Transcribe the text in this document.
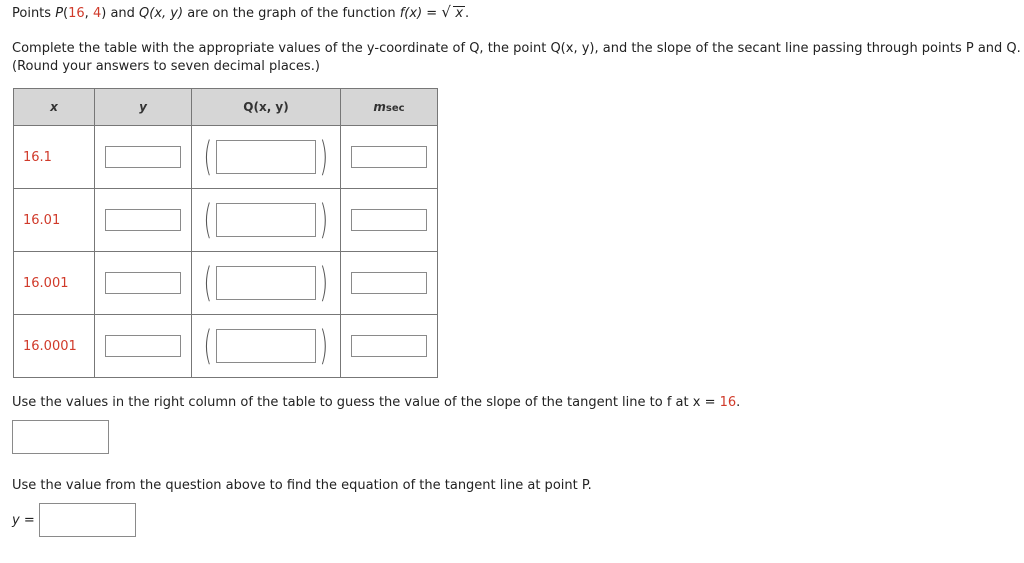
Points P(16, 4) and Q(x, y) are on the graph of the function f(x) = √ x .
Complete the table with the appropriate values of the y-coordinate of Q, the point Q(x, y), and the slope of the secant line passing through points P and Q.
(Round your answers to seven decimal places.)
x	y	Q(x, y)	msec
16.1		( )	

16.01		( )	

16.001		( )	

16.0001		( )	

Use the values in the right column of the table to guess the value of the slope of the tangent line to f at x = 16.
Use the value from the question above to find the equation of the tangent line at point P.
y =
